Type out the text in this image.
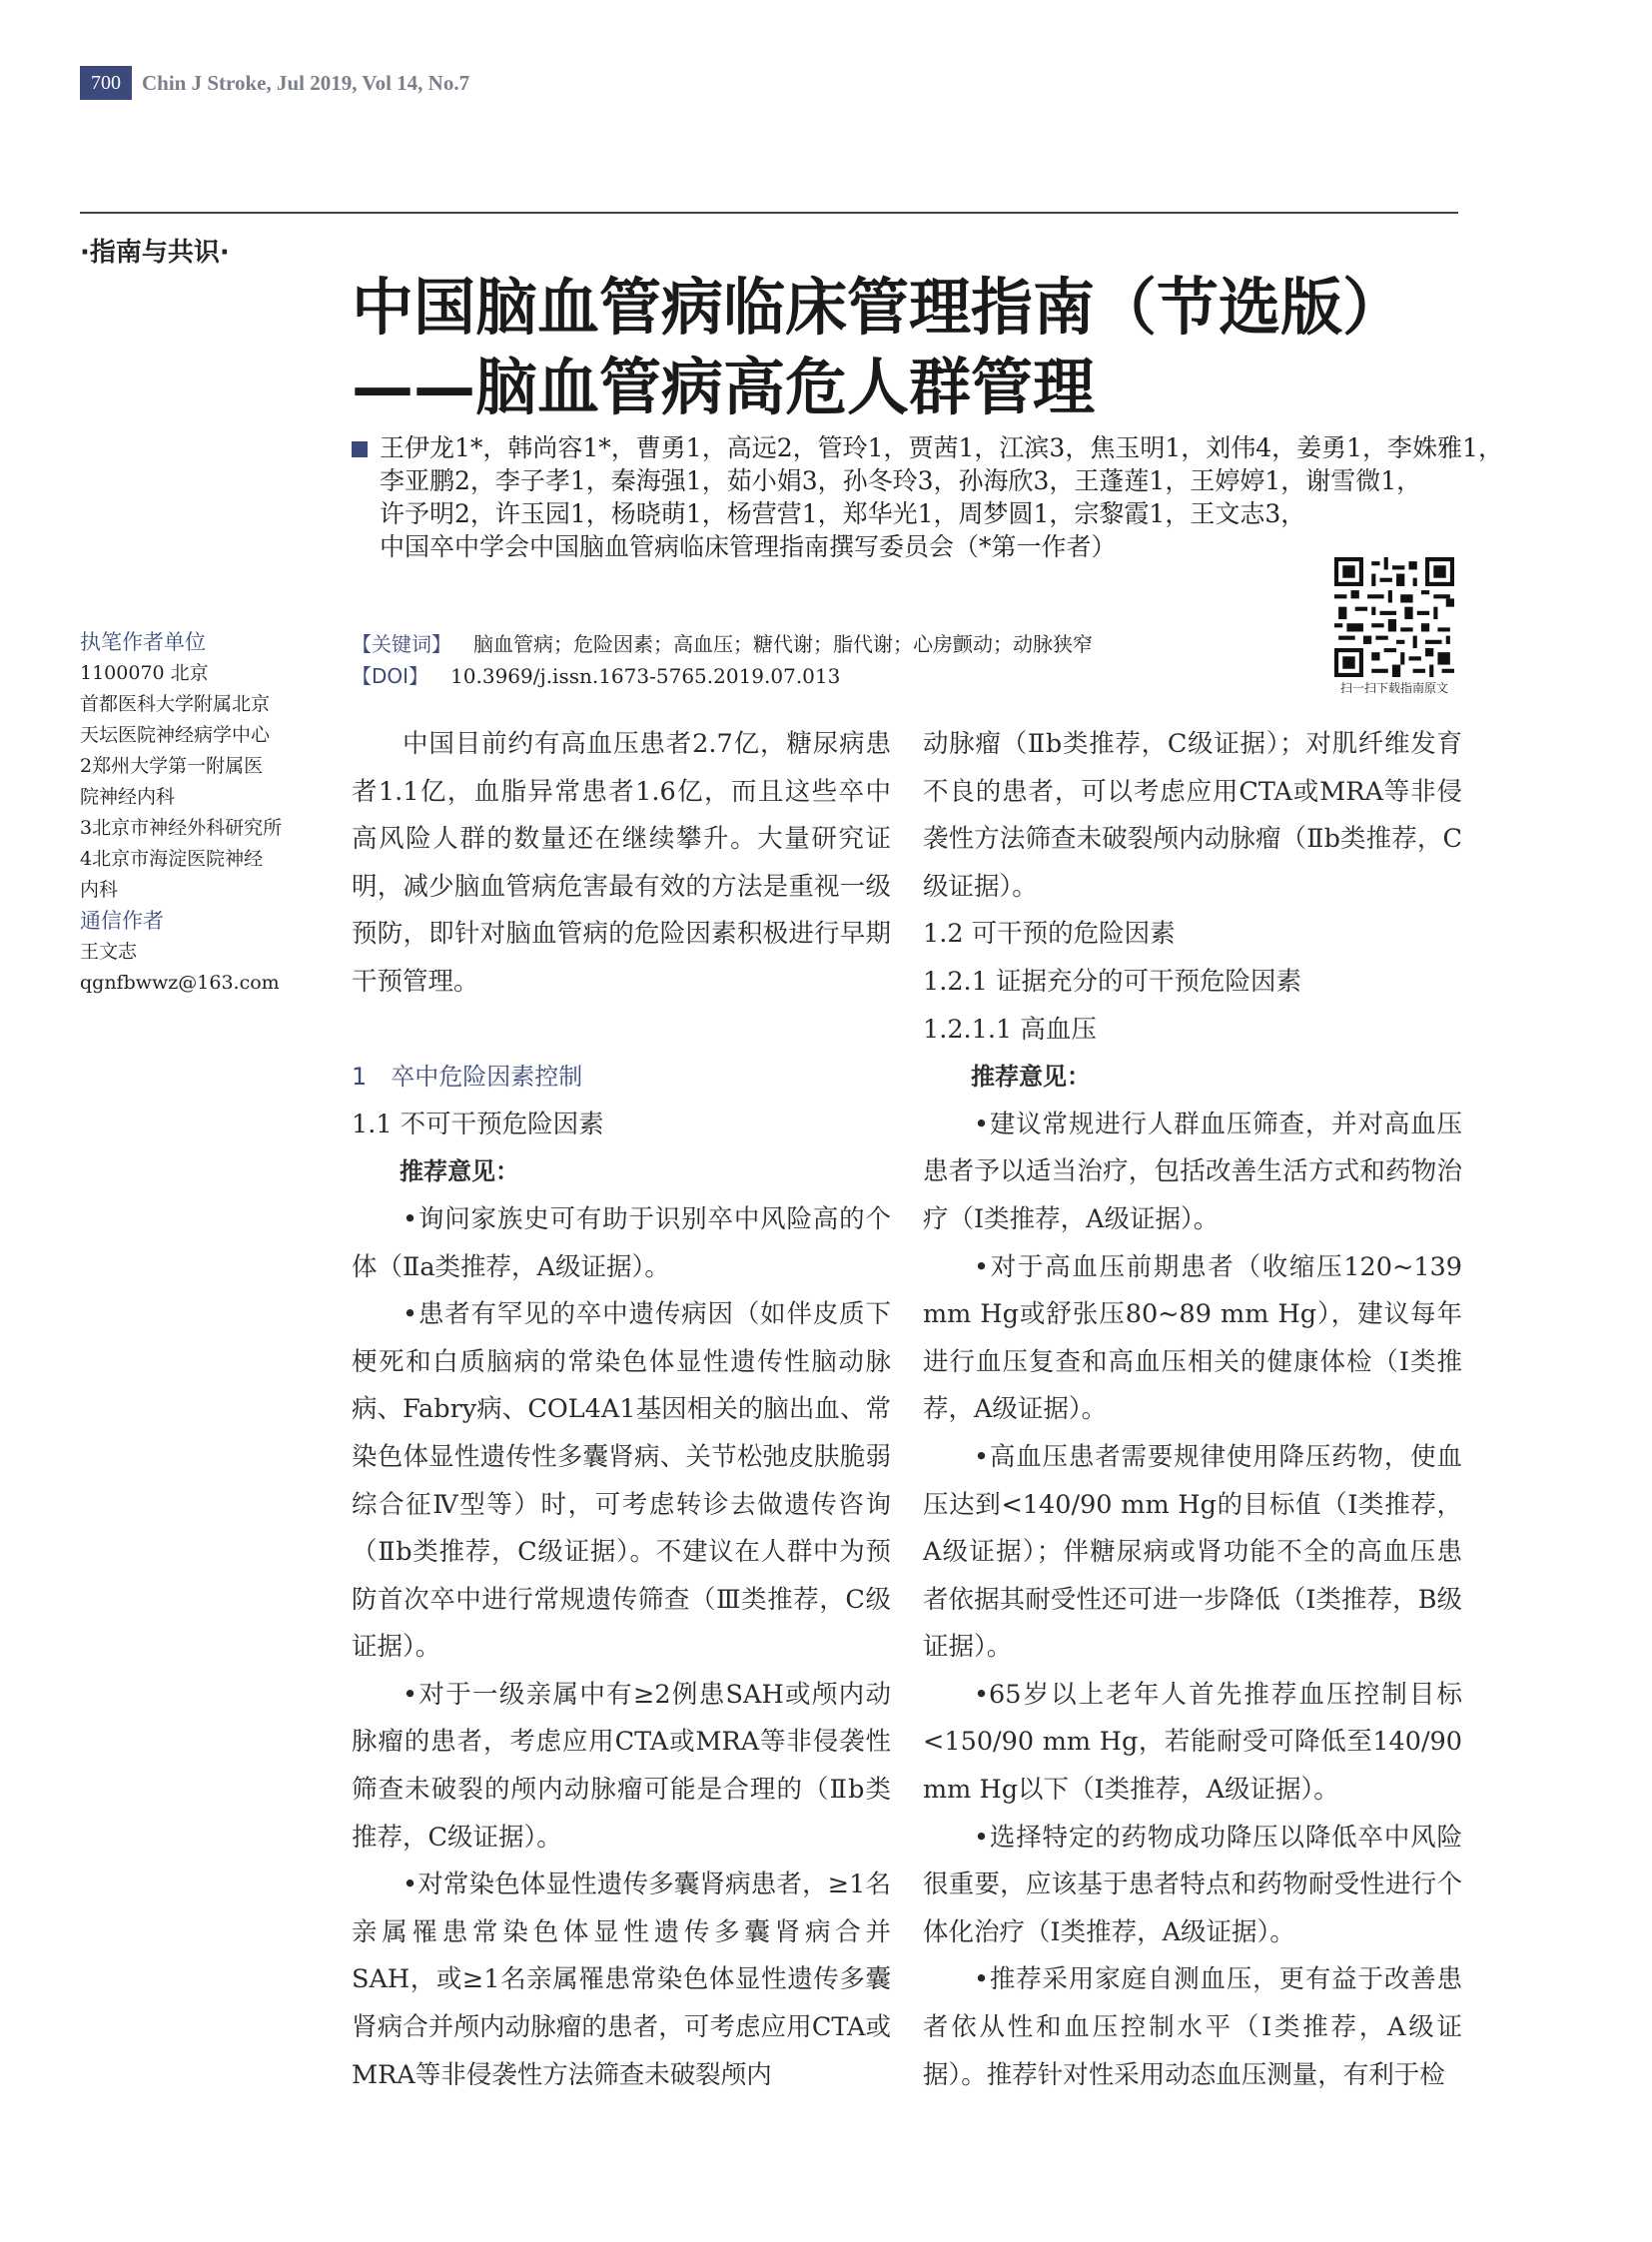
700	Chin J Stroke, Jul 2019, Vol 14, No.7
·指南与共识·
中国脑血管病临床管理指南（节选版）
——脑血管病高危人群管理
王伊龙1*，韩尚容1*，曹勇1，高远2，管玲1，贾茜1，江滨3，焦玉明1，刘伟4，姜勇1，李姝雅1，
李亚鹏2，李子孝1，秦海强1，茹小娟3，孙冬玲3，孙海欣3，王蓬莲1，王婷婷1，谢雪微1，
许予明2，许玉园1，杨晓萌1，杨营营1，郑华光1，周梦圆1，宗黎霞1，王文志3，
中国卒中学会中国脑血管病临床管理指南撰写委员会（*第一作者）
扫一扫下载指南原文
【关键词】 脑血管病；危险因素；高血压；糖代谢；脂代谢；心房颤动；动脉狭窄
【DOI】 10.3969/j.issn.1673-5765.2019.07.013

执笔作者单位

1100070 北京

首都医科大学附属北京

天坛医院神经病学中心

2郑州大学第一附属医

院神经内科

3北京市神经外科研究所

4北京市海淀医院神经

内科

通信作者

王文志

qgnfbwwz@163.com

中国目前约有高血压患者2.7亿，糖尿病患者1.1亿，血脂异常患者1.6亿，而且这些卒中高风险人群的数量还在继续攀升。大量研究证明，减少脑血管病危害最有效的方法是重视一级预防，即针对脑血管病的危险因素积极进行早期干预管理。

1　卒中危险因素控制

1.1 不可干预危险因素

推荐意见：

•询问家族史可有助于识别卒中风险高的个体（Ⅱa类推荐，A级证据）。

•患者有罕见的卒中遗传病因（如伴皮质下梗死和白质脑病的常染色体显性遗传性脑动脉病、Fabry病、COL4A1基因相关的脑出血、常染色体显性遗传性多囊肾病、关节松弛皮肤脆弱综合征Ⅳ型等）时，可考虑转诊去做遗传咨询（Ⅱb类推荐，C级证据）。不建议在人群中为预防首次卒中进行常规遗传筛查（Ⅲ类推荐，C级证据）。

•对于一级亲属中有≥2例患SAH或颅内动脉瘤的患者，考虑应用CTA或MRA等非侵袭性筛查未破裂的颅内动脉瘤可能是合理的（Ⅱb类推荐，C级证据）。

•对常染色体显性遗传多囊肾病患者，≥1名亲属罹患常染色体显性遗传多囊肾病合并SAH，或≥1名亲属罹患常染色体显性遗传多囊肾病合并颅内动脉瘤的患者，可考虑应用CTA或MRA等非侵袭性方法筛查未破裂颅内

动脉瘤（Ⅱb类推荐，C级证据）；对肌纤维发育不良的患者，可以考虑应用CTA或MRA等非侵袭性方法筛查未破裂颅内动脉瘤（Ⅱb类推荐，C级证据）。

1.2 可干预的危险因素

1.2.1 证据充分的可干预危险因素

1.2.1.1 高血压

推荐意见：

•建议常规进行人群血压筛查，并对高血压患者予以适当治疗，包括改善生活方式和药物治疗（Ⅰ类推荐，A级证据）。

•对于高血压前期患者（收缩压120~139 mm Hg或舒张压80~89 mm Hg），建议每年进行血压复查和高血压相关的健康体检（Ⅰ类推荐，A级证据）。

•高血压患者需要规律使用降压药物，使血压达到<140/90 mm Hg的目标值（Ⅰ类推荐，A级证据）；伴糖尿病或肾功能不全的高血压患者依据其耐受性还可进一步降低（Ⅰ类推荐，B级证据）。

•65岁以上老年人首先推荐血压控制目标<150/90 mm Hg，若能耐受可降低至140/90 mm Hg以下（Ⅰ类推荐，A级证据）。

•选择特定的药物成功降压以降低卒中风险很重要，应该基于患者特点和药物耐受性进行个体化治疗（Ⅰ类推荐，A级证据）。

•推荐采用家庭自测血压，更有益于改善患者依从性和血压控制水平（Ⅰ类推荐，A级证据）。推荐针对性采用动态血压测量，有利于检
